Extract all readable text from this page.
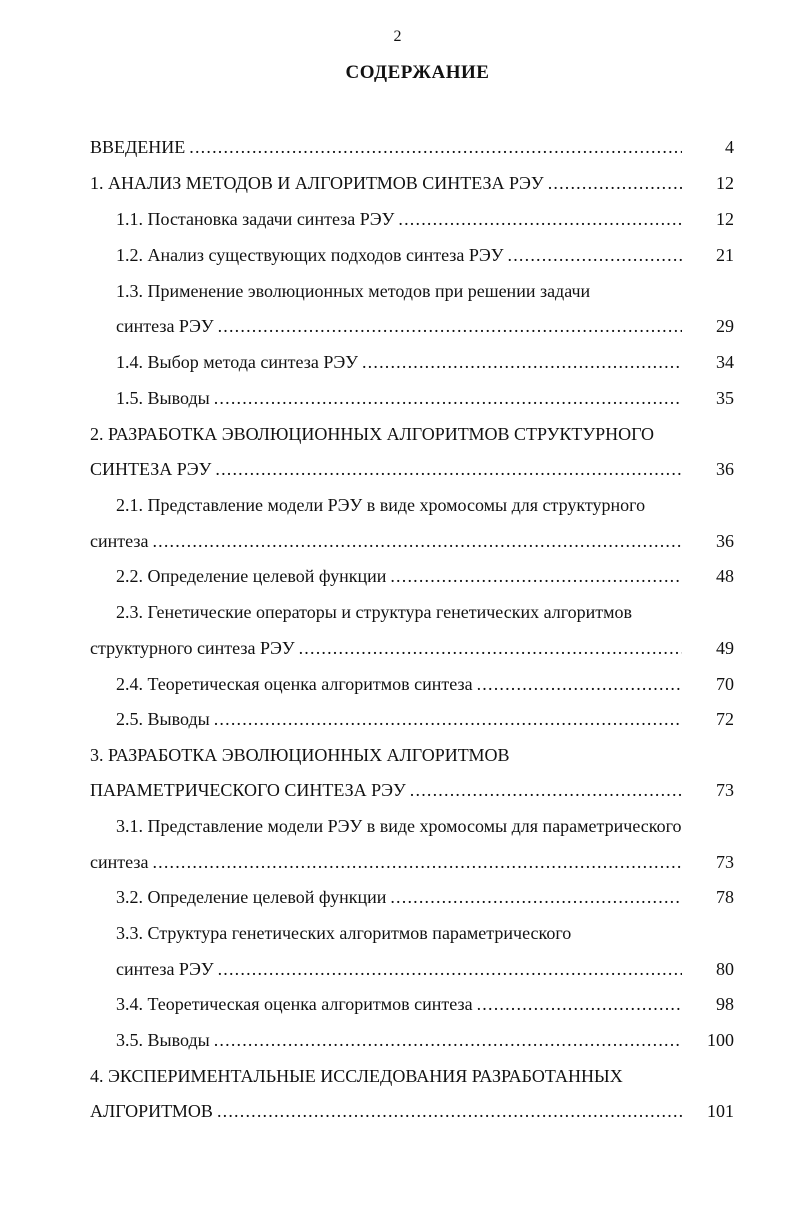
2
СОДЕРЖАНИЕ
ВВЕДЕНИЕ .....	4
1. АНАЛИЗ МЕТОДОВ И АЛГОРИТМОВ СИНТЕЗА РЭУ .....	12
1.1. Постановка задачи синтеза РЭУ .....	12
1.2. Анализ существующих подходов синтеза РЭУ .....	21
1.3. Применение эволюционных методов при решении задачи
синтеза РЭУ .....	29
1.4. Выбор метода синтеза РЭУ .....	34
1.5. Выводы .....	35
2. РАЗРАБОТКА ЭВОЛЮЦИОННЫХ АЛГОРИТМОВ СТРУКТУРНОГО
СИНТЕЗА РЭУ .....	36
2.1. Представление модели РЭУ в виде хромосомы для структурного
синтеза .....	36
2.2. Определение целевой функции .....	48
2.3. Генетические операторы и структура генетических алгоритмов
структурного синтеза РЭУ .....	49
2.4. Теоретическая оценка алгоритмов синтеза .....	70
2.5. Выводы .....	72
3. РАЗРАБОТКА ЭВОЛЮЦИОННЫХ АЛГОРИТМОВ
ПАРАМЕТРИЧЕСКОГО СИНТЕЗА РЭУ .....	73
3.1. Представление модели РЭУ в виде хромосомы для параметрического
синтеза .....	73
3.2. Определение целевой функции .....	78
3.3. Структура генетических алгоритмов параметрического
синтеза РЭУ .....	80
3.4. Теоретическая оценка алгоритмов синтеза .....	98
3.5. Выводы .....	100
4. ЭКСПЕРИМЕНТАЛЬНЫЕ ИССЛЕДОВАНИЯ РАЗРАБОТАННЫХ
АЛГОРИТМОВ .....	101
